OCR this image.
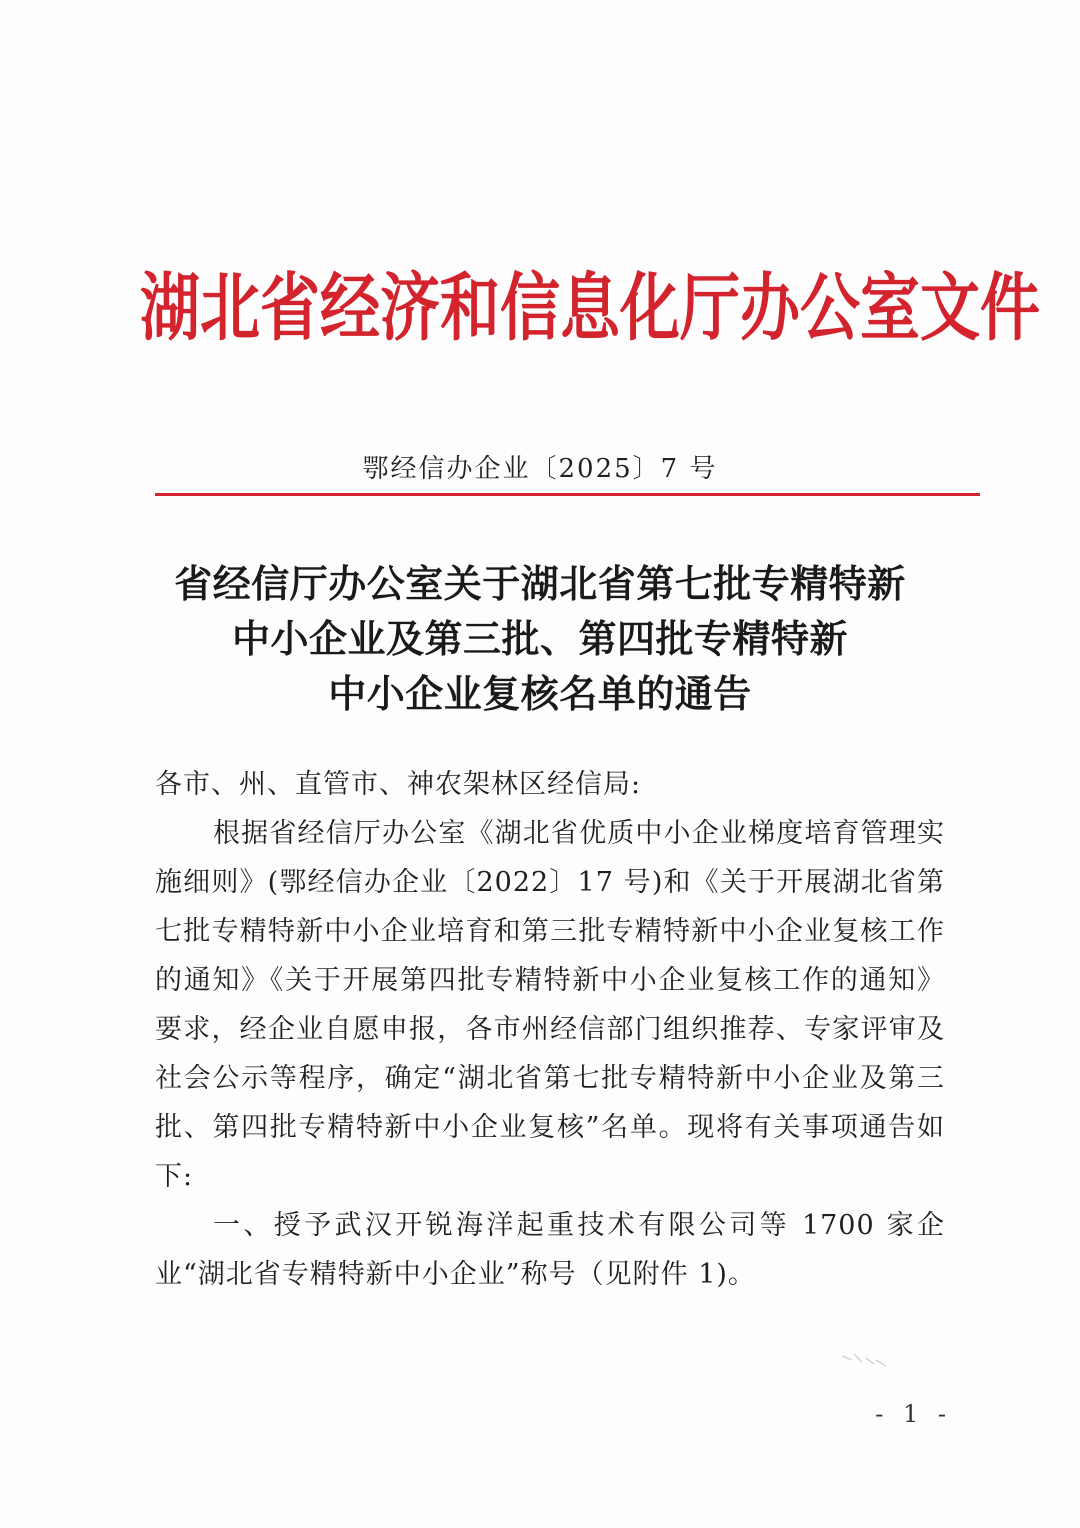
湖北省经济和信息化厅办公室文件
鄂经信办企业〔2025〕7 号
省经信厅办公室关于湖北省第七批专精特新
中小企业及第三批、第四批专精特新
中小企业复核名单的通告

各市、州、直管市、神农架林区经信局:

根据省经信厅办公室《湖北省优质中小企业梯度培育管理实施细则》(鄂经信办企业〔2022〕17 号)和《关于开展湖北省第七批专精特新中小企业培育和第三批专精特新中小企业复核工作的通知》《关于开展第四批专精特新中小企业复核工作的通知》要求，经企业自愿申报，各市州经信部门组织推荐、专家评审及社会公示等程序，确定“湖北省第七批专精特新中小企业及第三批、第四批专精特新中小企业复核”名单。现将有关事项通告如下:

一、授予武汉开锐海洋起重技术有限公司等 1700 家企业“湖北省专精特新中小企业”称号（见附件 1)。

- 1 -
